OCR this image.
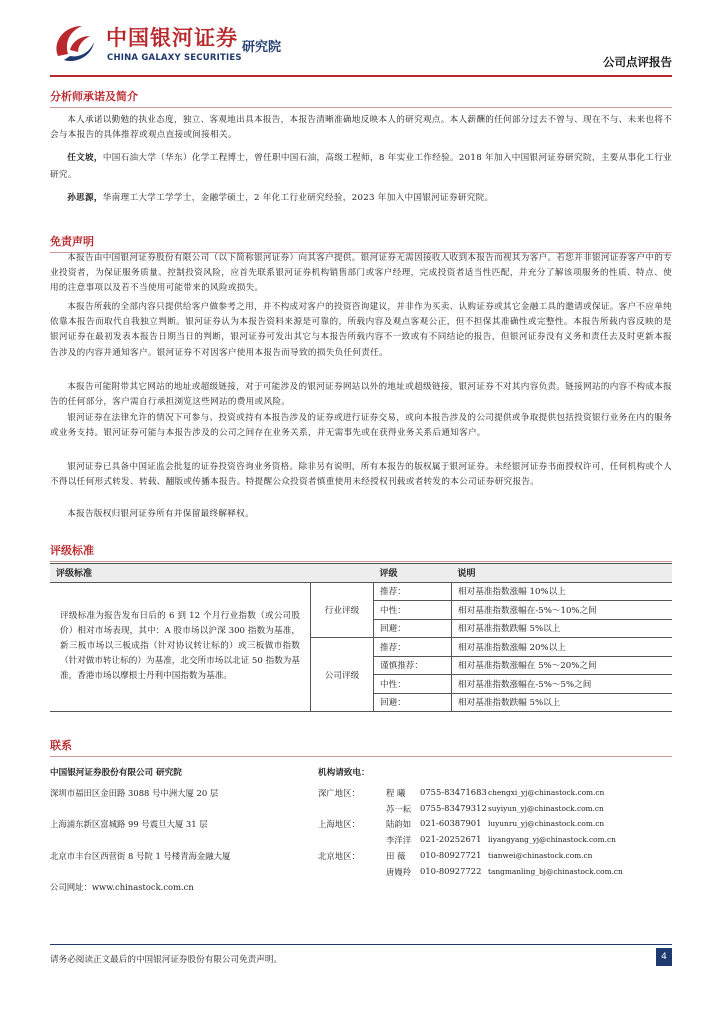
中国银河证券
CHINA GALAXY SECURITIES
研究院
公司点评报告
分析师承诺及简介

本人承诺以勤勉的执业态度，独立、客观地出具本报告，本报告清晰准确地反映本人的研究观点。本人薪酬的任何部分过去不曾与、现在不与、未来也将不会与本报告的具体推荐或观点直接或间接相关。

任文坡，中国石油大学（华东）化学工程博士，曾任职中国石油，高级工程师，8 年实业工作经验。2018 年加入中国银河证券研究院，主要从事化工行业研究。

孙思源，华南理工大学工学学士，金融学硕士，2 年化工行业研究经验，2023 年加入中国银河证券研究院。

免责声明

本报告由中国银河证券股份有限公司（以下简称银河证券）向其客户提供。银河证券无需因接收人收到本报告而视其为客户。若您并非银河证券客户中的专业投资者，为保证服务质量、控制投资风险，应首先联系银河证券机构销售部门或客户经理，完成投资者适当性匹配，并充分了解该项服务的性质、特点、使用的注意事项以及若不当使用可能带来的风险或损失。

本报告所载的全部内容只提供给客户做参考之用，并不构成对客户的投资咨询建议，并非作为买卖、认购证券或其它金融工具的邀请或保证。客户不应单纯依靠本报告而取代自我独立判断。银河证券认为本报告资料来源是可靠的，所载内容及观点客观公正，但不担保其准确性或完整性。本报告所载内容反映的是银河证券在最初发表本报告日期当日的判断，银河证券可发出其它与本报告所载内容不一致或有不同结论的报告，但银河证券没有义务和责任去及时更新本报告涉及的内容并通知客户。银河证券不对因客户使用本报告而导致的损失负任何责任。

本报告可能附带其它网站的地址或超级链接，对于可能涉及的银河证券网站以外的地址或超级链接，银河证券不对其内容负责。链接网站的内容不构成本报告的任何部分，客户需自行承担浏览这些网站的费用或风险。

银河证券在法律允许的情况下可参与、投资或持有本报告涉及的证券或进行证券交易，或向本报告涉及的公司提供或争取提供包括投资银行业务在内的服务或业务支持。银河证券可能与本报告涉及的公司之间存在业务关系，并无需事先或在获得业务关系后通知客户。

银河证券已具备中国证监会批复的证券投资咨询业务资格。除非另有说明，所有本报告的版权属于银河证券。未经银河证券书面授权许可，任何机构或个人不得以任何形式转发、转载、翻版或传播本报告。特提醒公众投资者慎重使用未经授权刊载或者转发的本公司证券研究报告。

本报告版权归银河证券所有并保留最终解释权。

评级标准
评级标准		评级	说明
评级标准为报告发布日后的 6 到 12 个月行业指数（或公司股价）相对市场表现，其中：A 股市场以沪深 300 指数为基准，新三板市场以三板成指（针对协议转让标的）或三板做市指数（针对做市转让标的）为基准，北交所市场以北证 50 指数为基准，香港市场以摩根士丹利中国指数为基准。	行业评级	推荐：	相对基准指数涨幅 10%以上
		中性：	相对基准指数涨幅在-5%～10%之间
		回避：	相对基准指数跌幅 5%以上
	公司评级	推荐：	相对基准指数涨幅 20%以上
		谨慎推荐：	相对基准指数涨幅在 5%～20%之间
		中性：	相对基准指数涨幅在-5%～5%之间
		回避：	相对基准指数跌幅 5%以上
联系
中国银河证券股份有限公司 研究院	机构请致电：
深圳市福田区金田路 3088 号中洲大厦 20 层
上海浦东新区富城路 99 号震旦大厦 31 层
北京市丰台区西营街 8 号院 1 号楼青海金融大厦
深广地区：
上海地区：
北京地区：
程 曦 0755-83471683 chengxi_yj@chinastock.com.cn
苏一耘 0755-83479312 suyiyun_yj@chinastock.com.cn
陆韵如 021-60387901 luyunru_yj@chinastock.com.cn
李洋洋 021-20252671 liyangyang_yj@chinastock.com.cn
田 薇 010-80927721 tianwei@chinastock.com.cn
唐嫚羚 010-80927722 tangmanling_bj@chinastock.com.cn
公司网址：www.chinastock.com.cn
请务必阅读正文最后的中国银河证券股份有限公司免责声明。	4
